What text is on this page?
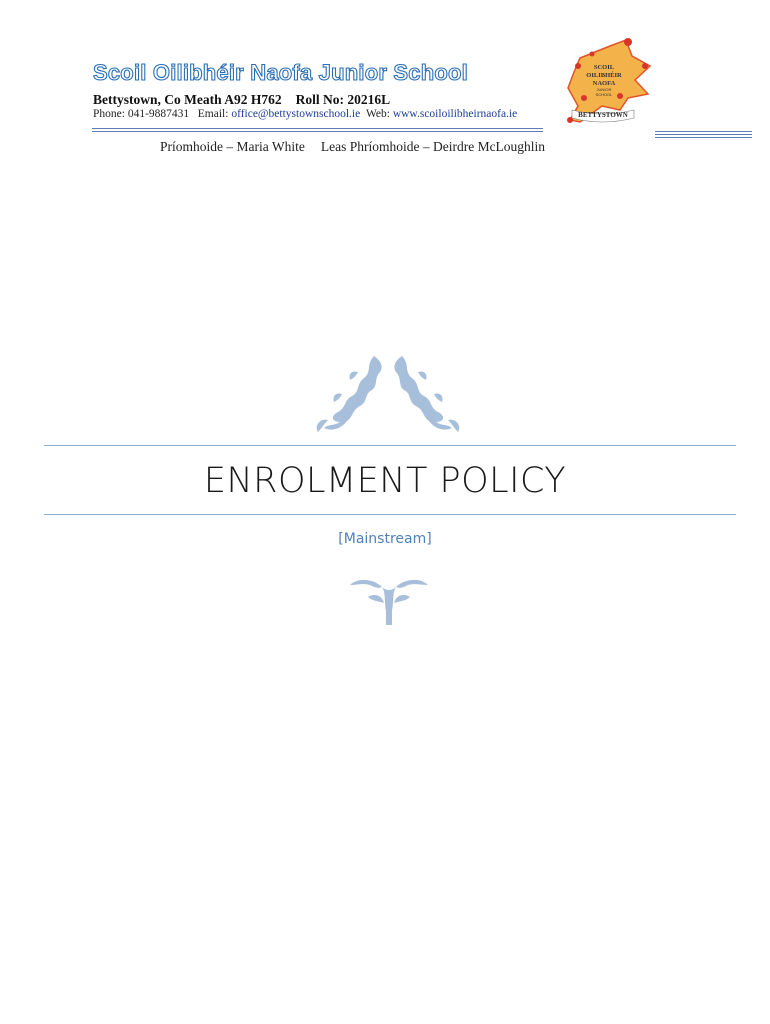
Scoil Oilibhéir Naofa Junior School
Bettystown, Co Meath A92 H762 Roll No: 20216L
Phone: 041-9887431 Email: office@bettystownschool.ie Web: www.scoiloilibheirnaofa.ie
Príomhoide – Maria White Leas Phríomhoide – Deirdre McLoughlin
SCOIL
OILIBHÉIR
NAOFA
JUNIOR
SCHOOL
BETTYSTOWN
ENROLMENT POLICY
[Mainstream]
